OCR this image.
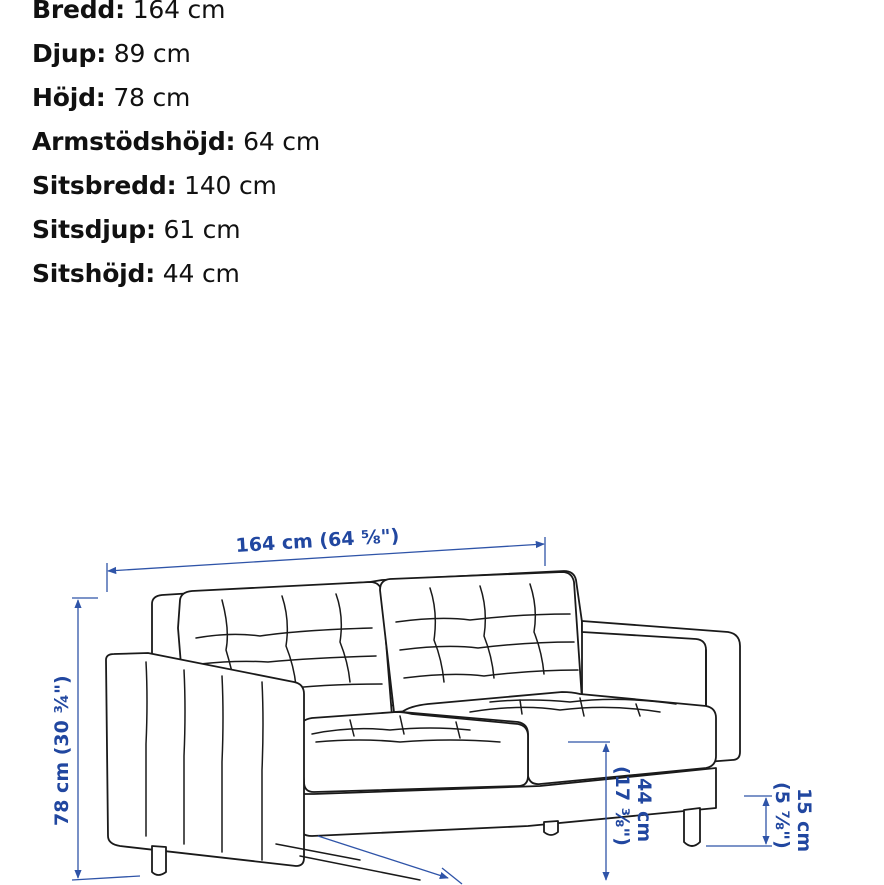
Bredd: 164 cm
Djup: 89 cm
Höjd: 78 cm
Armstödshöjd: 64 cm
Sitsbredd: 140 cm
Sitsdjup: 61 cm
Sitshöjd: 44 cm
164 cm (64 ⅝")
78 cm (30 ¾")	44 cm
(17 ⅜")	15 cm
(5 ⅞")
